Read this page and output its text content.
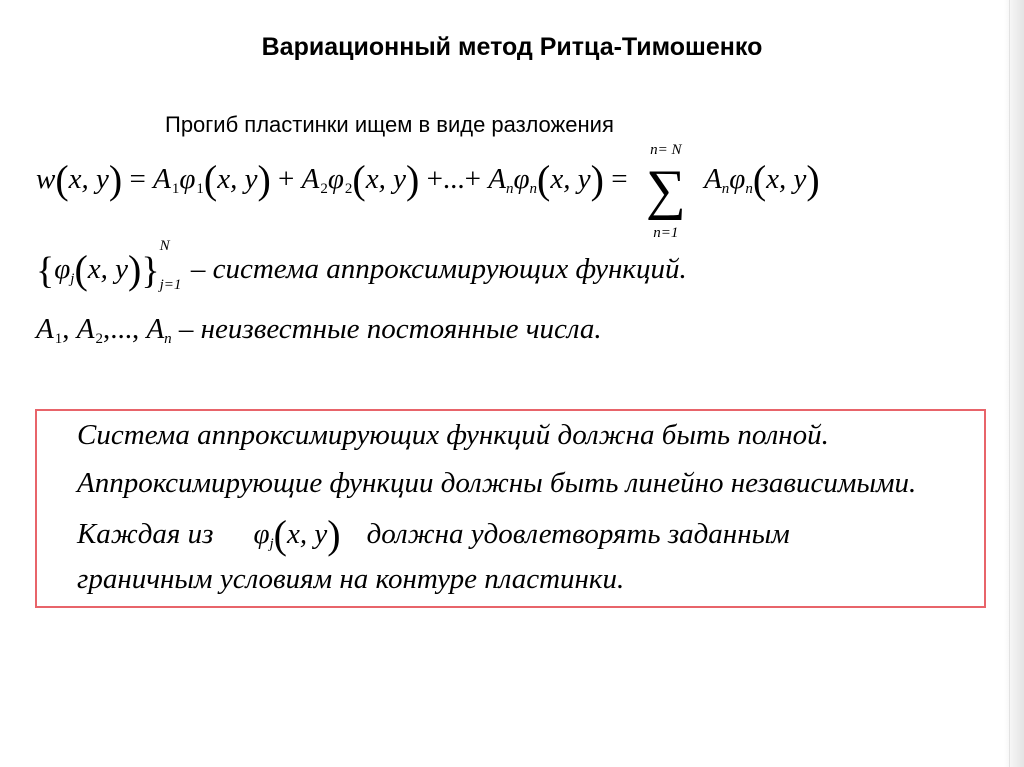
Вариационный метод Ритца-Тимошенко
Прогиб пластинки ищем в виде разложения
w(x, $y) = A_1\varphi_1(x$, $y) + A_2\varphi_2(x$, y) +...+ Anφn(x, y) =
n= N
∑
n=1
Anφn(x, y)
{φj(x, y)}
N
j=1 – система аппроксимирующих функций.
$A_1$, $A_2$,..., An – неизвестные постоянные числа.
Система аппроксимирующих функций должна быть полной.
Аппроксимирующие функции должны быть линейно независимыми.
Каждая из φj(x, y) должна удовлетворять заданным
граничным условиям на контуре пластинки.
